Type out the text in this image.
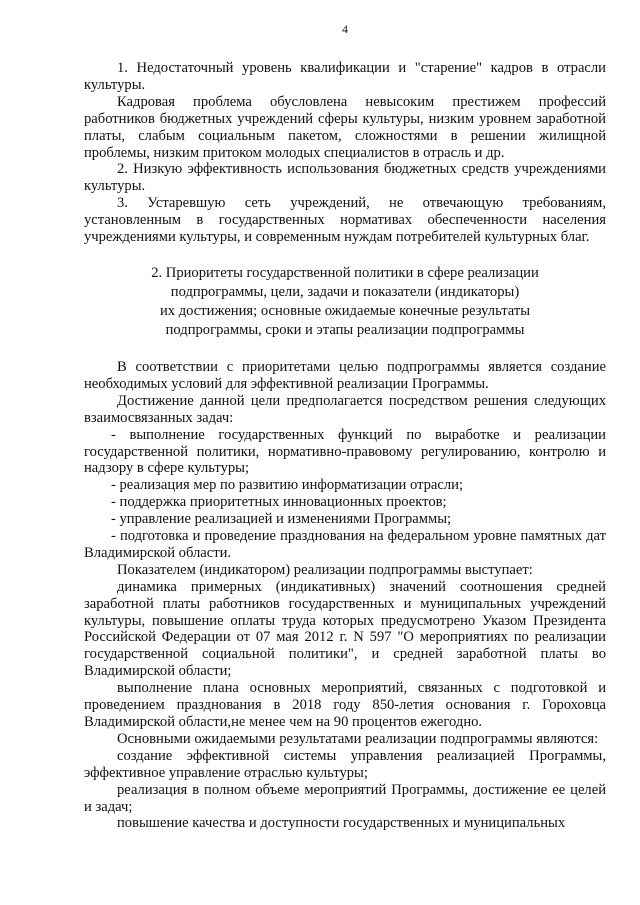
4

1. Недостаточный уровень квалификации и "старение" кадров в отрасли культуры.

Кадровая проблема обусловлена невысоким престижем профессий работников бюджетных учреждений сферы культуры, низким уровнем заработной платы, слабым социальным пакетом, сложностями в решении жилищной проблемы, низким притоком молодых специалистов в отрасль и др.

2. Низкую эффективность использования бюджетных средств учреждениями культуры.

3. Устаревшую сеть учреждений, не отвечающую требованиям, установленным в государственных нормативах обеспеченности населения учреждениями культуры, и современным нуждам потребителей культурных благ.

2. Приоритеты государственной политики в сфере реализации
подпрограммы, цели, задачи и показатели (индикаторы)
их достижения; основные ожидаемые конечные результаты
подпрограммы, сроки и этапы реализации подпрограммы

В соответствии с приоритетами целью подпрограммы является создание необходимых условий для эффективной реализации Программы.

Достижение данной цели предполагается посредством решения следующих взаимосвязанных задач:

- выполнение государственных функций по выработке и реализации государственной политики, нормативно-правовому регулированию, контролю и надзору в сфере культуры;

- реализация мер по развитию информатизации отрасли;

- поддержка приоритетных инновационных проектов;

- управление реализацией и изменениями Программы;

- подготовка и проведение празднования на федеральном уровне памятных дат Владимирской области.

Показателем (индикатором) реализации подпрограммы выступает:

динамика примерных (индикативных) значений соотношения средней заработной платы работников государственных и муниципальных учреждений культуры, повышение оплаты труда которых предусмотрено Указом Президента Российской Федерации от 07 мая 2012 г. N 597 "О мероприятиях по реализации государственной социальной политики", и средней заработной платы во Владимирской области;

выполнение плана основных мероприятий, связанных с подготовкой и проведением празднования в 2018 году 850-летия основания г. Гороховца Владимирской области,не менее чем на 90 процентов ежегодно.

Основными ожидаемыми результатами реализации подпрограммы являются:

создание эффективной системы управления реализацией Программы, эффективное управление отраслью культуры;

реализация в полном объеме мероприятий Программы, достижение ее целей и задач;

повышение качества и доступности государственных и муниципальных
